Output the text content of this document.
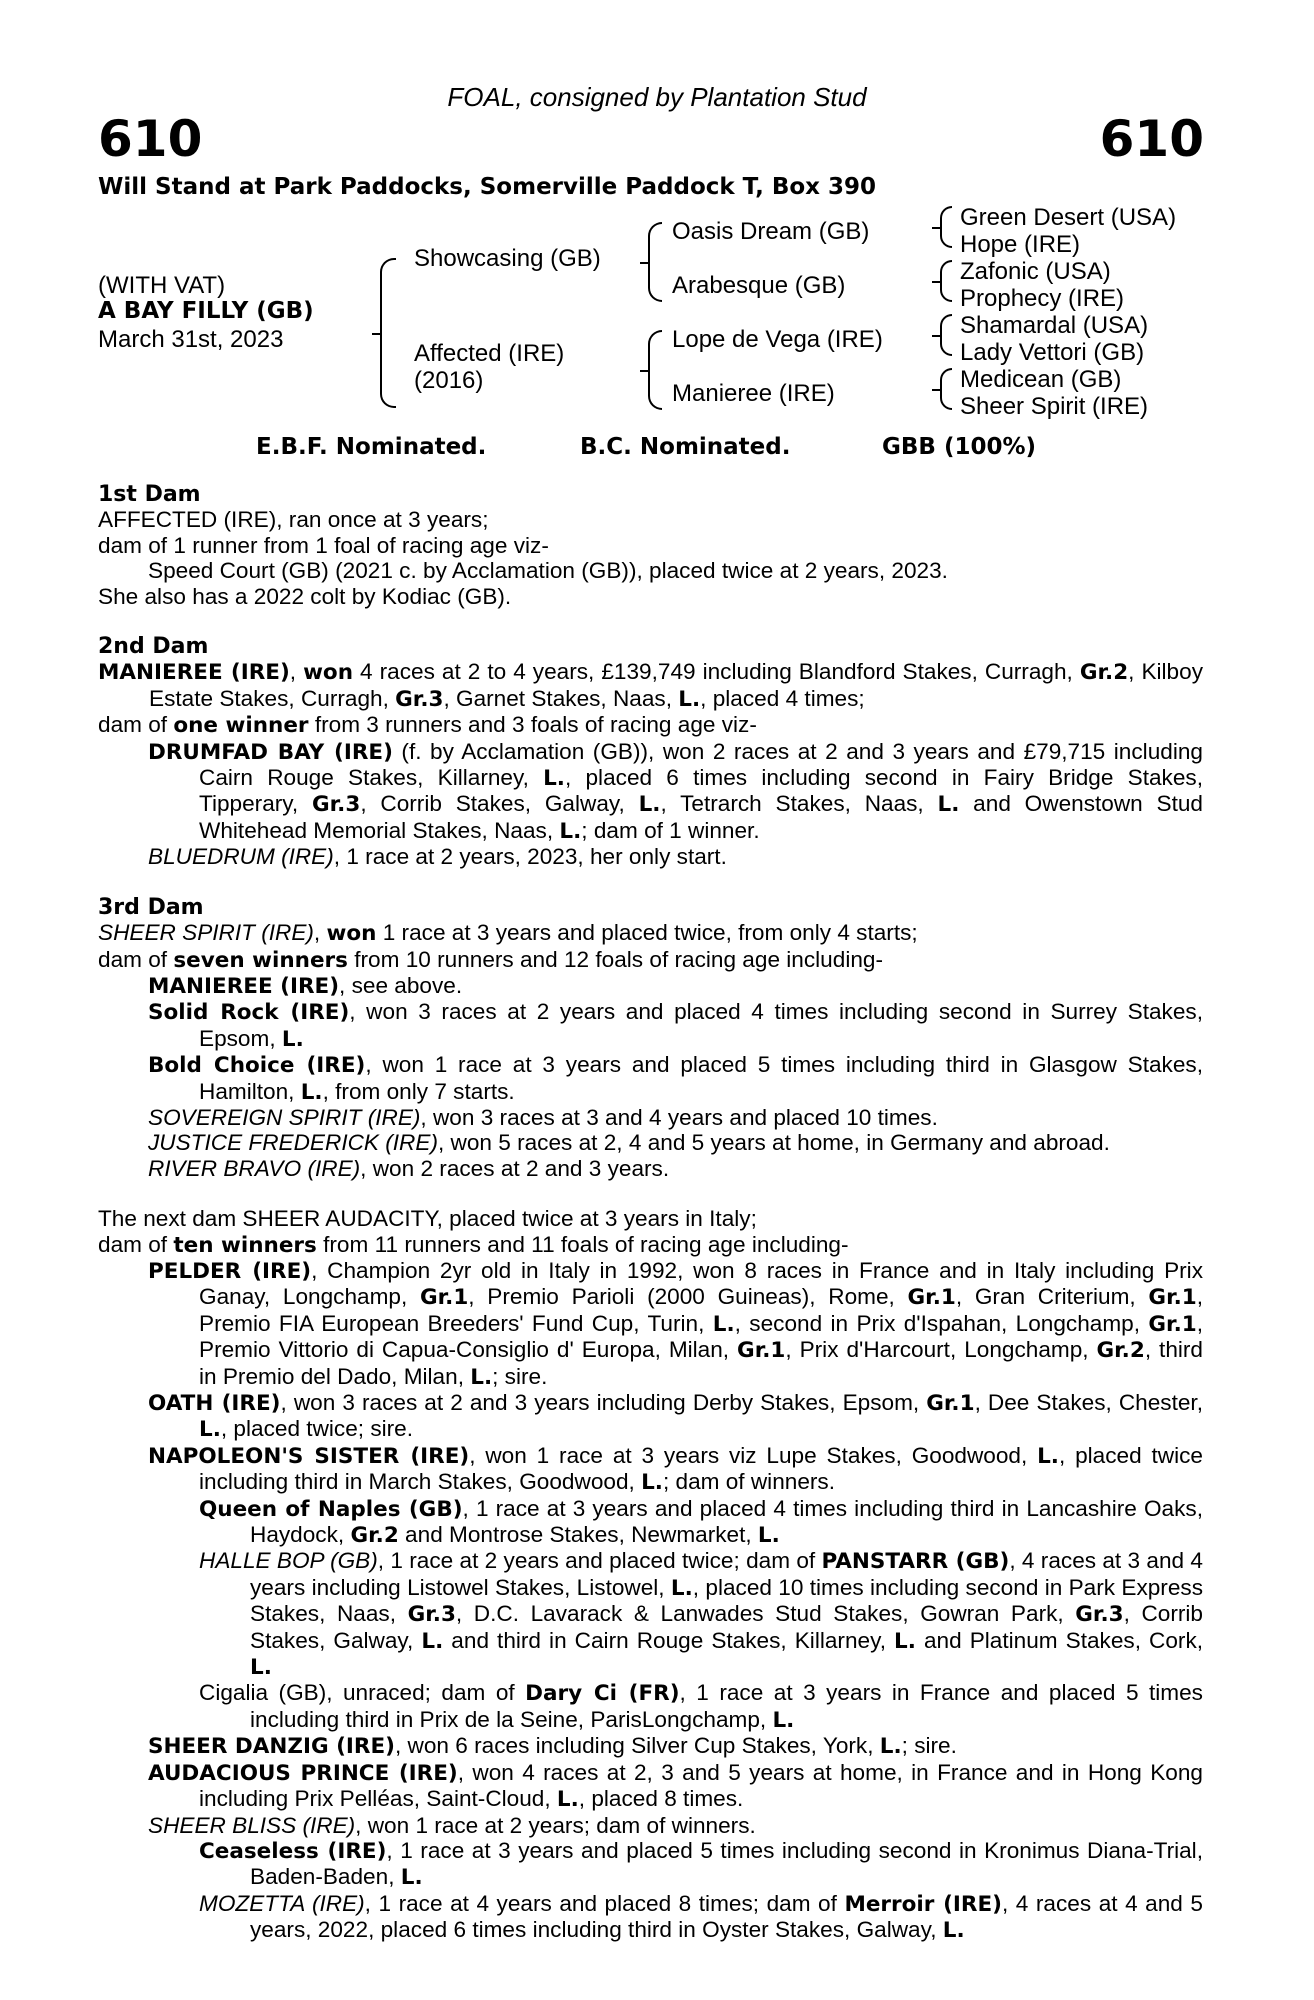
FOAL, consigned by Plantation Stud
610	610
Will Stand at Park Paddocks, Somerville Paddock T, Box 390
(WITH VAT)
A BAY FILLY (GB)
March 31st, 2023
Showcasing (GB)
Affected (IRE)
(2016)
Oasis Dream (GB)
Arabesque (GB)
Lope de Vega (IRE)
Manieree (IRE)
Green Desert (USA)
Hope (IRE)
Zafonic (USA)
Prophecy (IRE)
Shamardal (USA)
Lady Vettori (GB)
Medicean (GB)
Sheer Spirit (IRE)
E.B.F. Nominated.	B.C. Nominated.	GBB (100%)

1st Dam

AFFECTED (IRE), ran once at 3 years;

dam of 1 runner from 1 foal of racing age viz-

Speed Court (GB) (2021 c. by Acclamation (GB)), placed twice at 2 years, 2023.

She also has a 2022 colt by Kodiac (GB).

2nd Dam

MANIEREE (IRE), won 4 races at 2 to 4 years, £139,749 including Blandford Stakes, Curragh, Gr.2, Kilboy Estate Stakes, Curragh, Gr.3, Garnet Stakes, Naas, L., placed 4 times;

dam of one winner from 3 runners and 3 foals of racing age viz-

DRUMFAD BAY (IRE) (f. by Acclamation (GB)), won 2 races at 2 and 3 years and £79,715 including Cairn Rouge Stakes, Killarney, L., placed 6 times including second in Fairy Bridge Stakes, Tipperary, Gr.3, Corrib Stakes, Galway, L., Tetrarch Stakes, Naas, L. and Owenstown Stud Whitehead Memorial Stakes, Naas, L.; dam of 1 winner.

BLUEDRUM (IRE), 1 race at 2 years, 2023, her only start.

3rd Dam

SHEER SPIRIT (IRE), won 1 race at 3 years and placed twice, from only 4 starts;

dam of seven winners from 10 runners and 12 foals of racing age including-

MANIEREE (IRE), see above.

Solid Rock (IRE), won 3 races at 2 years and placed 4 times including second in Surrey Stakes, Epsom, L.

Bold Choice (IRE), won 1 race at 3 years and placed 5 times including third in Glasgow Stakes, Hamilton, L., from only 7 starts.

SOVEREIGN SPIRIT (IRE), won 3 races at 3 and 4 years and placed 10 times.

JUSTICE FREDERICK (IRE), won 5 races at 2, 4 and 5 years at home, in Germany and abroad.

RIVER BRAVO (IRE), won 2 races at 2 and 3 years.

The next dam SHEER AUDACITY, placed twice at 3 years in Italy;

dam of ten winners from 11 runners and 11 foals of racing age including-

PELDER (IRE), Champion 2yr old in Italy in 1992, won 8 races in France and in Italy including Prix Ganay, Longchamp, Gr.1, Premio Parioli (2000 Guineas), Rome, Gr.1, Gran Criterium, Gr.1, Premio FIA European Breeders' Fund Cup, Turin, L., second in Prix d'Ispahan, Longchamp, Gr.1, Premio Vittorio di Capua-Consiglio d' Europa, Milan, Gr.1, Prix d'Harcourt, Longchamp, Gr.2, third in Premio del Dado, Milan, L.; sire.

OATH (IRE), won 3 races at 2 and 3 years including Derby Stakes, Epsom, Gr.1, Dee Stakes, Chester, L., placed twice; sire.

NAPOLEON'S SISTER (IRE), won 1 race at 3 years viz Lupe Stakes, Goodwood, L., placed twice including third in March Stakes, Goodwood, L.; dam of winners.

Queen of Naples (GB), 1 race at 3 years and placed 4 times including third in Lancashire Oaks, Haydock, Gr.2 and Montrose Stakes, Newmarket, L.

HALLE BOP (GB), 1 race at 2 years and placed twice; dam of PANSTARR (GB), 4 races at 3 and 4 years including Listowel Stakes, Listowel, L., placed 10 times including second in Park Express Stakes, Naas, Gr.3, D.C. Lavarack & Lanwades Stud Stakes, Gowran Park, Gr.3, Corrib Stakes, Galway, L. and third in Cairn Rouge Stakes, Killarney, L. and Platinum Stakes, Cork, L.

Cigalia (GB), unraced; dam of Dary Ci (FR), 1 race at 3 years in France and placed 5 times including third in Prix de la Seine, ParisLongchamp, L.

SHEER DANZIG (IRE), won 6 races including Silver Cup Stakes, York, L.; sire.

AUDACIOUS PRINCE (IRE), won 4 races at 2, 3 and 5 years at home, in France and in Hong Kong including Prix Pelléas, Saint-Cloud, L., placed 8 times.

SHEER BLISS (IRE), won 1 race at 2 years; dam of winners.

Ceaseless (IRE), 1 race at 3 years and placed 5 times including second in Kronimus Diana-Trial, Baden-Baden, L.

MOZETTA (IRE), 1 race at 4 years and placed 8 times; dam of Merroir (IRE), 4 races at 4 and 5 years, 2022, placed 6 times including third in Oyster Stakes, Galway, L.
